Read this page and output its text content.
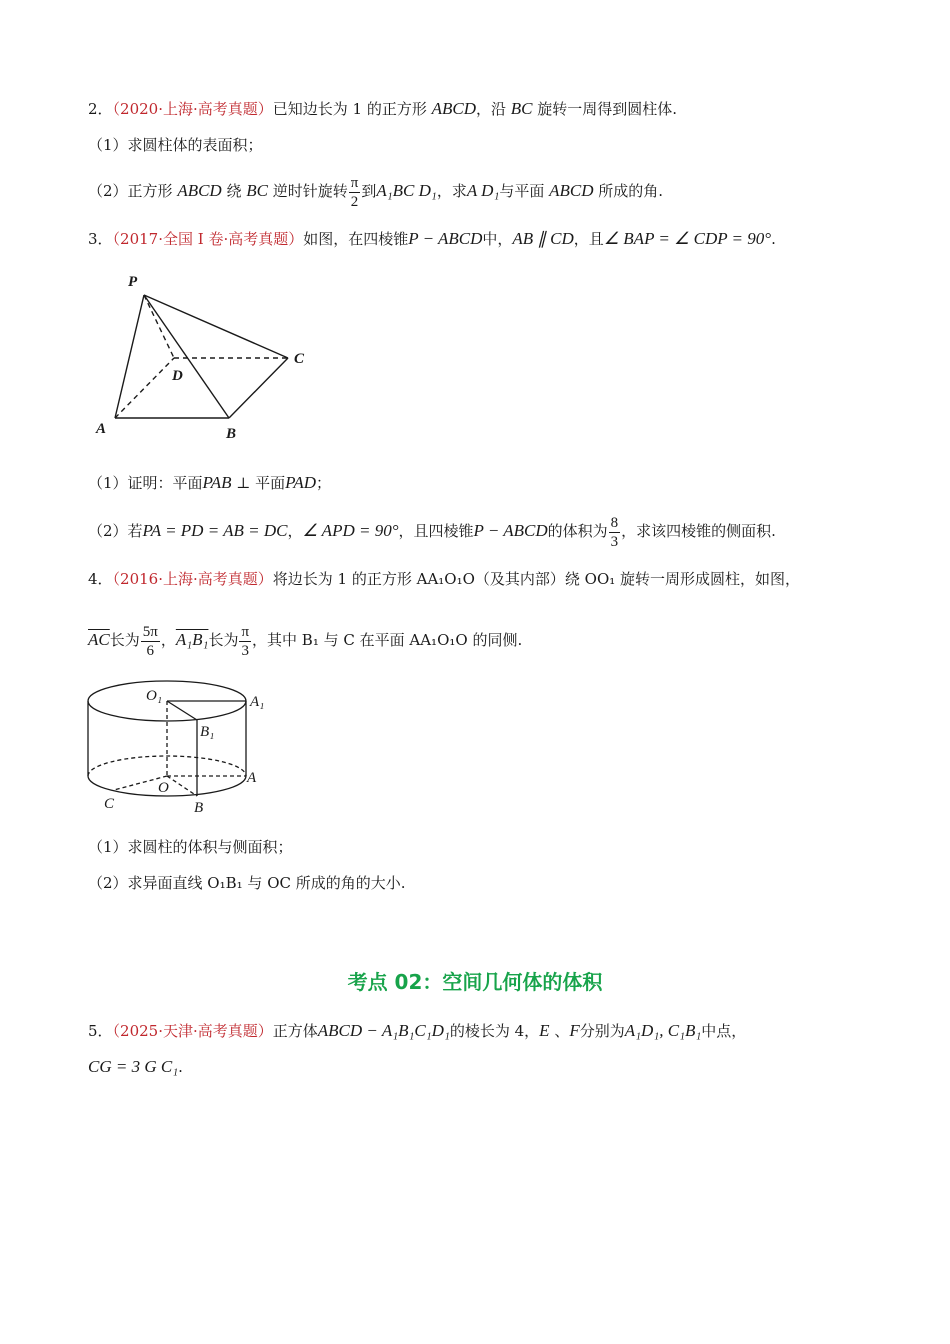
2．（2020·上海·高考真题）已知边长为 1 的正方形 ABCD，沿 BC 旋转一周得到圆柱体.
（1）求圆柱体的表面积；
（2）正方形 ABCD 绕 BC 逆时针旋转 $\frac{\pi}{2}$ 到A₁BC D₁，求A D₁与平面 ABCD 所成的角.
3．（2017·全国 I 卷·高考真题）如图，在四棱锥P − ABCD中，AB ∥ CD，且∠ BAP = ∠ CDP = 90°.
P
A	B
C
D
（1）证明：平面PAB ⊥ 平面PAD；
（2）若PA = PD = AB = DC，∠ APD = 90°，且四棱锥P − ABCD的体积为 $\frac{8}{3}$ ，求该四棱锥的侧面积.
4．（2016·上海·高考真题）将边长为 1 的正方形 AA₁O₁O（及其内部）绕 OO₁ 旋转一周形成圆柱，如图，
$\overline{AC}$长为 $\frac{5\pi}{6}$ ，A₁B₁长为 $\frac{\pi}{3}$ ，其中 B₁ 与 C 在平面 AA₁O₁O 的同侧.
O₁	A₁
B₁
O
A
B
C
（1）求圆柱的体积与侧面积；
（2）求异面直线 O₁B₁ 与 OC 所成的角的大小.
考点 02：空间几何体的体积
5．（2025·天津·高考真题）正方体ABCD − A₁B₁C₁D₁的棱长为 4，E 、F分别为A₁D₁, C₁B₁中点，
CG = 3 G C₁.
